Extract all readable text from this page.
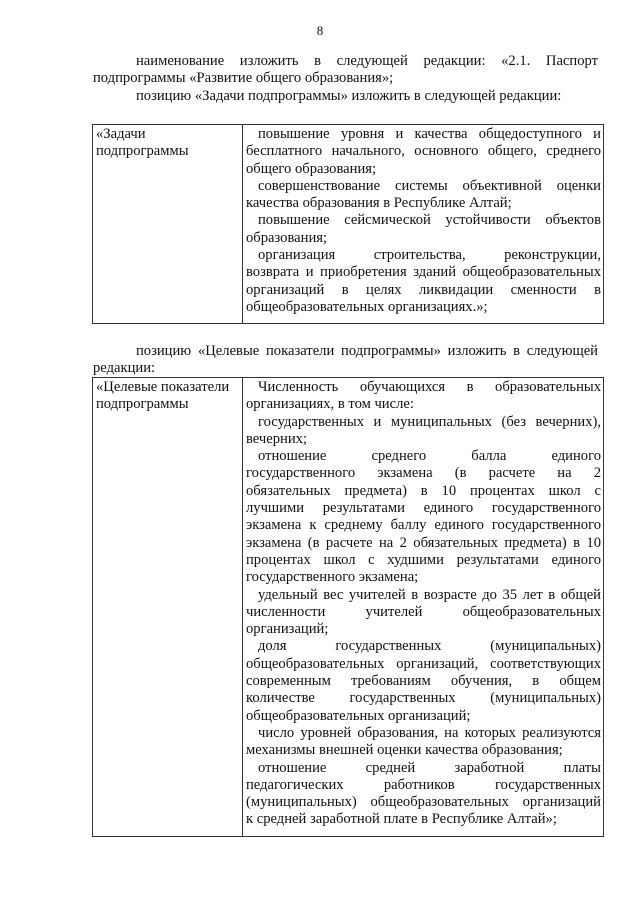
8
наименование изложить в следующей редакции: «2.1. Паспорт
подпрограммы «Развитие общего образования»;
позицию «Задачи подпрограммы» изложить в следующей редакции:
«Задачи
подпрограммы
повышение уровня и качества общедоступного и
бесплатного начального, основного общего, среднего
общего образования;
совершенствование системы объективной оценки
качества образования в Республике Алтай;
повышение сейсмической устойчивости объектов
образования;
организация строительства, реконструкции,
возврата и приобретения зданий общеобразовательных
организаций в целях ликвидации сменности в
общеобразовательных организациях.»;
позицию «Целевые показатели подпрограммы» изложить в следующей
редакции:
«Целевые показатели
подпрограммы
Численность обучающихся в образовательных
организациях, в том числе:
государственных и муниципальных (без вечерних),
вечерних;
отношение среднего балла единого
государственного экзамена (в расчете на 2
обязательных предмета) в 10 процентах школ с
лучшими результатами единого государственного
экзамена к среднему баллу единого государственного
экзамена (в расчете на 2 обязательных предмета) в 10
процентах школ с худшими результатами единого
государственного экзамена;
удельный вес учителей в возрасте до 35 лет в общей
численности учителей общеобразовательных
организаций;
доля государственных (муниципальных)
общеобразовательных организаций, соответствующих
современным требованиям обучения, в общем
количестве государственных (муниципальных)
общеобразовательных организаций;
число уровней образования, на которых реализуются
механизмы внешней оценки качества образования;
отношение средней заработной платы
педагогических работников государственных
(муниципальных) общеобразовательных организаций
к средней заработной плате в Республике Алтай»;
